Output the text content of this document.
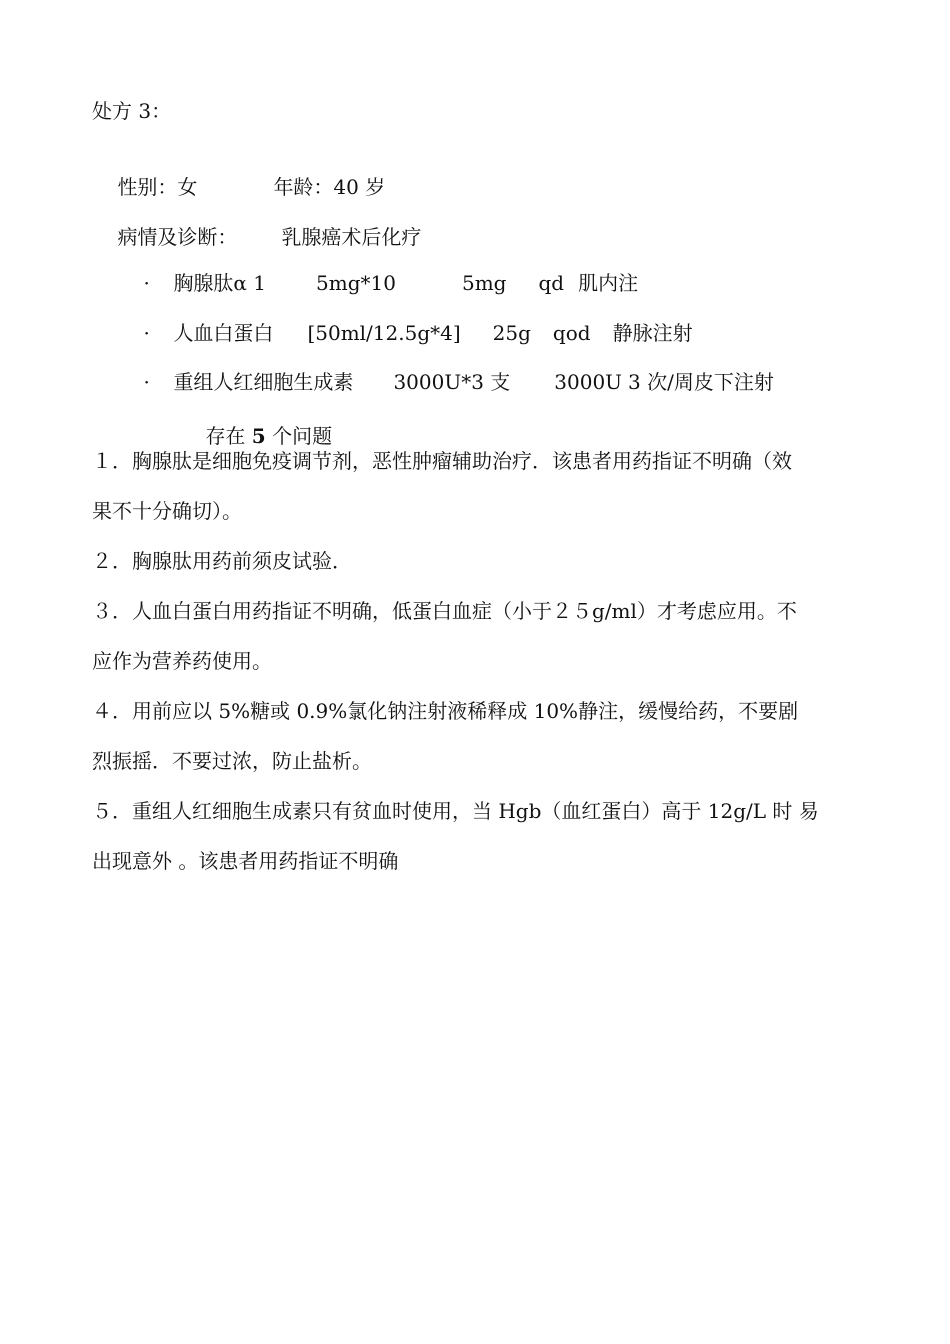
处方 3：

性别：女	年龄：40 岁

病情及诊断： 乳腺癌术后化疗

· 胸腺肽α 1	5mg*10	5mg qd 肌内注

· 人血白蛋白 [50ml/12.5g*4] 25g qod 静脉注射

· 重组人红细胞生成素 3000U*3 支 3000U 3 次/周皮下注射

存在 5 个问题

１．胸腺肽是细胞免疫调节剂，恶性肿瘤辅助治疗．该患者用药指证不明确（效
果不十分确切）。
２．胸腺肽用药前须皮试验．
３．人血白蛋白用药指证不明确，低蛋白血症（小于２５g/ml）才考虑应用。不
应作为营养药使用。
４．用前应以 5%糖或 0.9%氯化钠注射液稀释成 10%静注，缓慢给药，不要剧
烈振摇．不要过浓，防止盐析。
５．重组人红细胞生成素只有贫血时使用，当 Hgb（血红蛋白）高于 12g/L 时 易
出现意外 。该患者用药指证不明确
